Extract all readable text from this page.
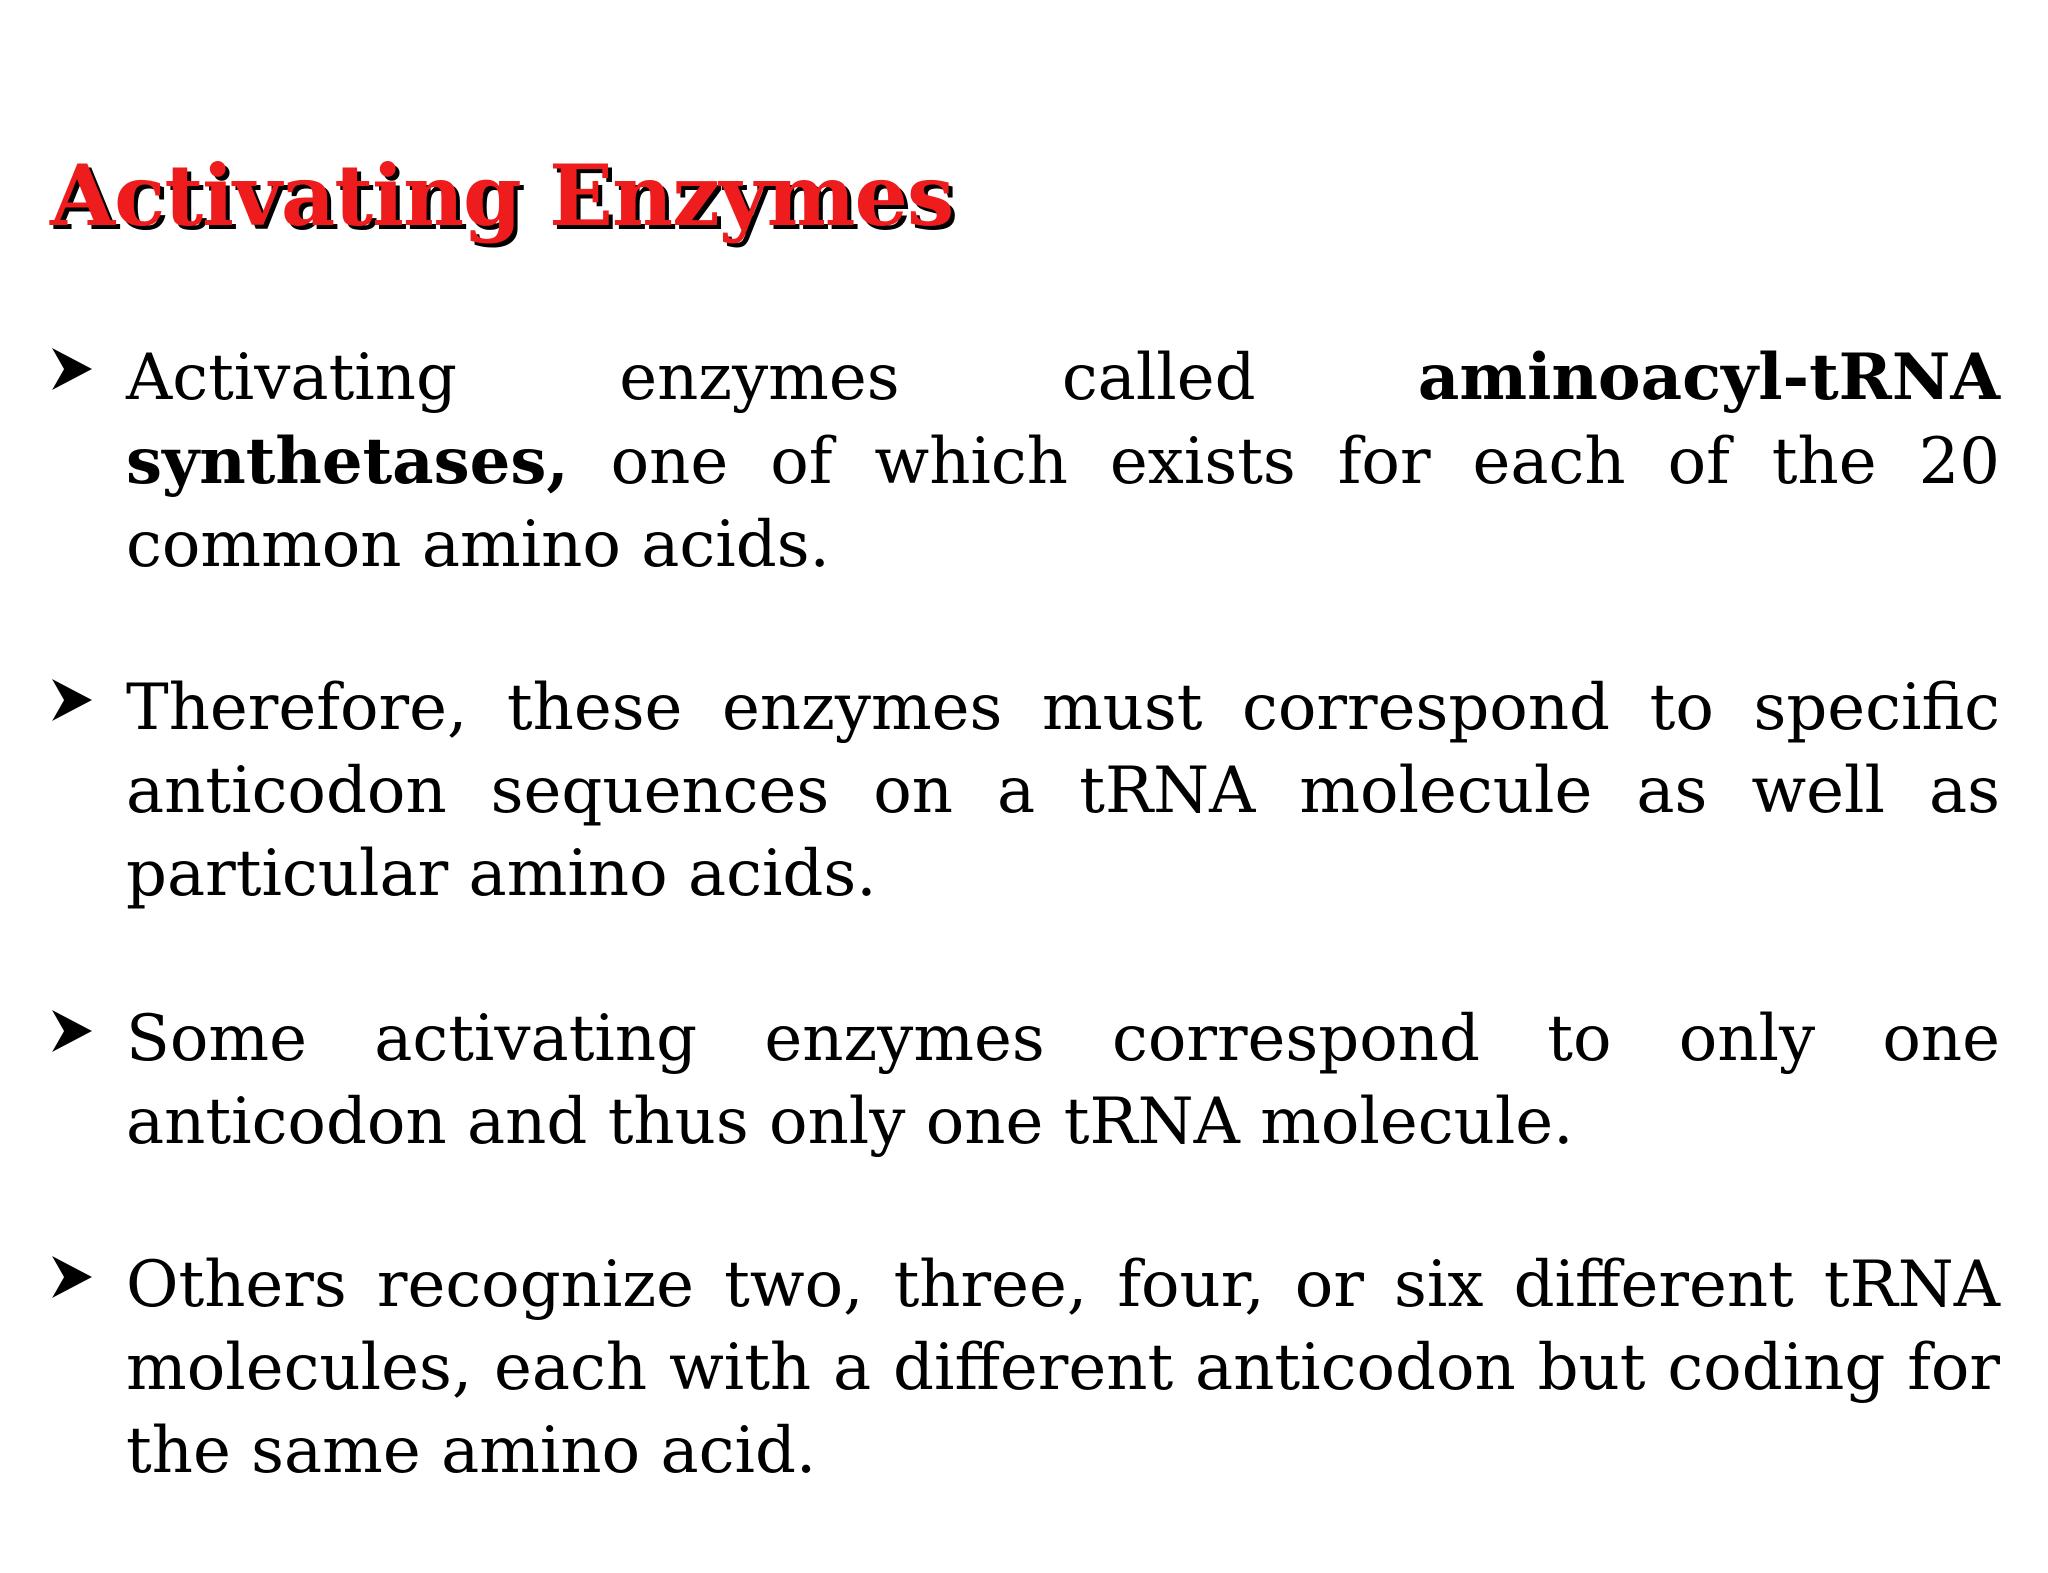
Activating Enzymes
Activating enzymes called aminoacyl-tRNA synthetases, one of which exists for each of the 20 common amino acids.
Therefore, these enzymes must correspond to specific anticodon sequences on a tRNA molecule as well as particular amino acids.
Some activating enzymes correspond to only one anticodon and thus only one tRNA molecule.
Others recognize two, three, four, or six different tRNA molecules, each with a different anticodon but coding for the same amino acid.
